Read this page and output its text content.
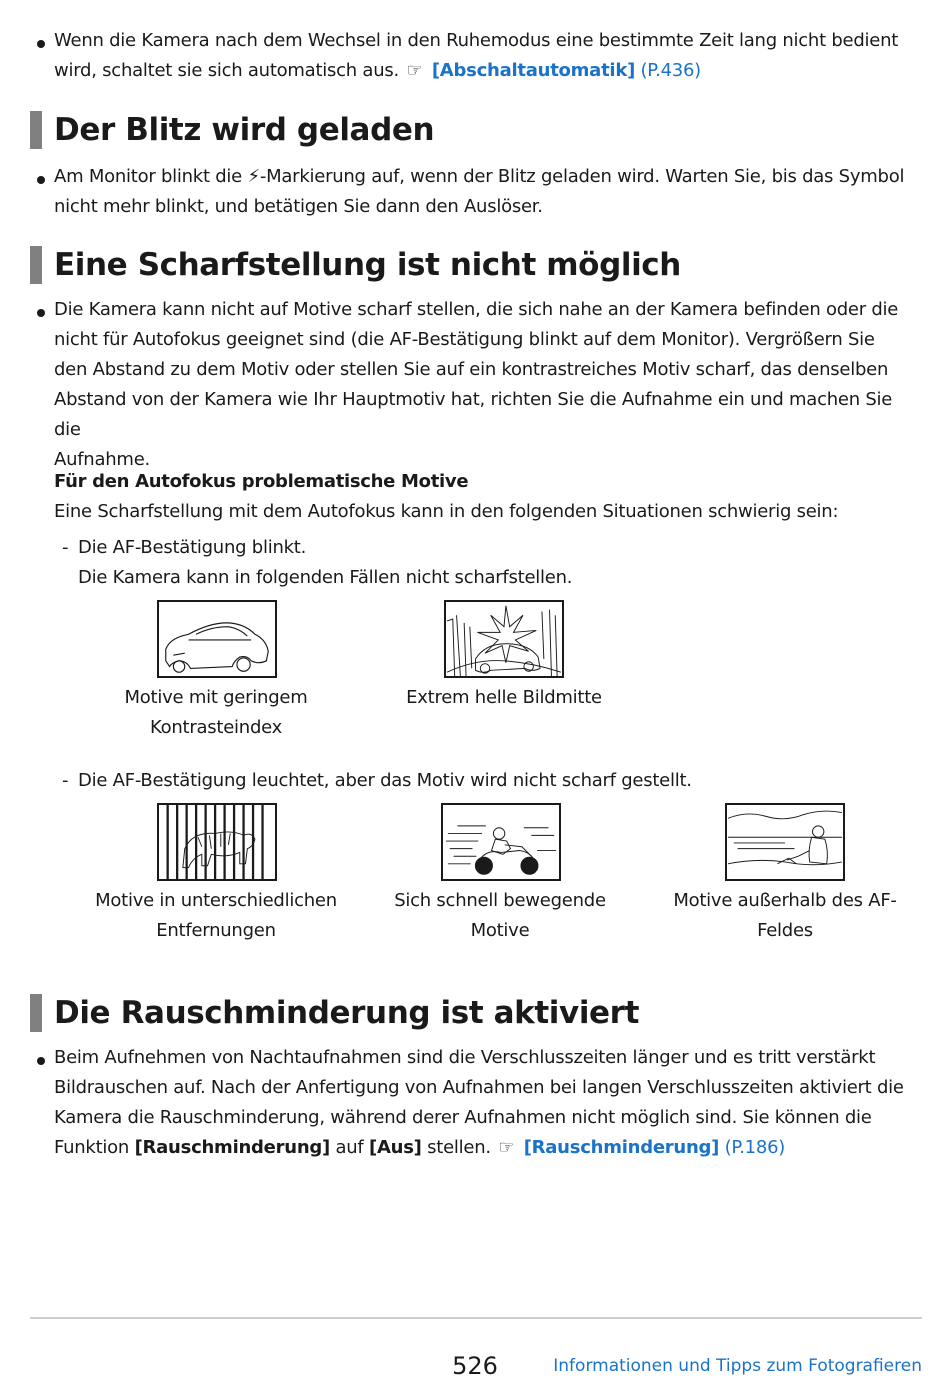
Wenn die Kamera nach dem Wechsel in den Ruhemodus eine bestimmte Zeit lang nicht bedient
wird, schaltet sie sich automatisch aus. ☞ [Abschaltautomatik] (P.436)
Der Blitz wird geladen
Am Monitor blinkt die ⚡-Markierung auf, wenn der Blitz geladen wird. Warten Sie, bis das Symbol
nicht mehr blinkt, und betätigen Sie dann den Auslöser.
Eine Scharfstellung ist nicht möglich
Die Kamera kann nicht auf Motive scharf stellen, die sich nahe an der Kamera befinden oder die
nicht für Autofokus geeignet sind (die AF-Bestätigung blinkt auf dem Monitor). Vergrößern Sie
den Abstand zu dem Motiv oder stellen Sie auf ein kontrastreiches Motiv scharf, das denselben
Abstand von der Kamera wie Ihr Hauptmotiv hat, richten Sie die Aufnahme ein und machen Sie die
Aufnahme.
Für den Autofokus problematische Motive
Eine Scharfstellung mit dem Autofokus kann in den folgenden Situationen schwierig sein:
- Die AF-Bestätigung blinkt.
Die Kamera kann in folgenden Fällen nicht scharfstellen.
Motive mit geringem
Kontrasteindex
Extrem helle Bildmitte
- Die AF-Bestätigung leuchtet, aber das Motiv wird nicht scharf gestellt.
Motive in unterschiedlichen
Entfernungen
Sich schnell bewegende
Motive
Motive außerhalb des AF-
Feldes
Die Rauschminderung ist aktiviert
Beim Aufnehmen von Nachtaufnahmen sind die Verschlusszeiten länger und es tritt verstärkt
Bildrauschen auf. Nach der Anfertigung von Aufnahmen bei langen Verschlusszeiten aktiviert die
Kamera die Rauschminderung, während derer Aufnahmen nicht möglich sind. Sie können die
Funktion [Rauschminderung] auf [Aus] stellen. ☞ [Rauschminderung] (P.186)
526	Informationen und Tipps zum Fotografieren
